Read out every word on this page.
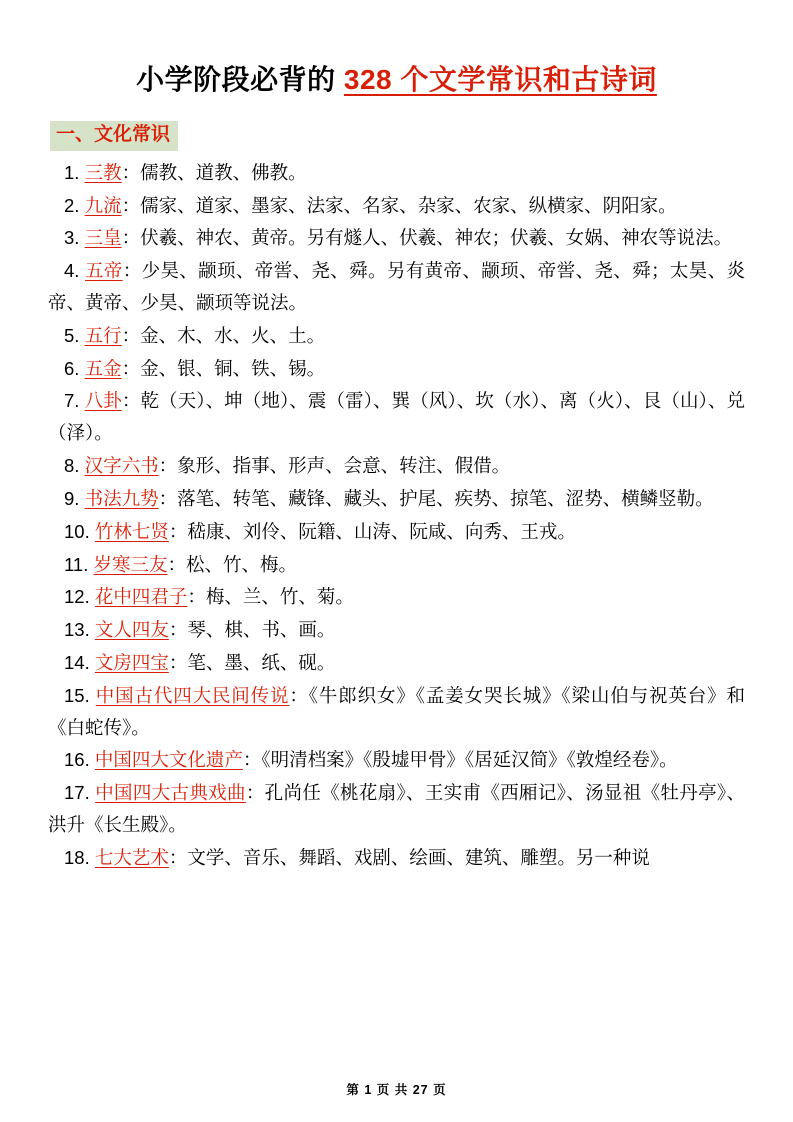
小学阶段必背的 328 个文学常识和古诗词
一、文化常识
1. 三教：儒教、道教、佛教。
2. 九流：儒家、道家、墨家、法家、名家、杂家、农家、纵横家、阴阳家。
3. 三皇：伏羲、神农、黄帝。另有燧人、伏羲、神农；伏羲、女娲、神农等说法。
4. 五帝：少昊、颛顼、帝喾、尧、舜。另有黄帝、颛顼、帝喾、尧、舜；太昊、炎帝、黄帝、少昊、颛顼等说法。
5. 五行：金、木、水、火、土。
6. 五金：金、银、铜、铁、锡。
7. 八卦：乾（天）、坤（地）、震（雷）、巽（风）、坎（水）、离（火）、艮（山）、兑（泽）。
8. 汉字六书：象形、指事、形声、会意、转注、假借。
9. 书法九势：落笔、转笔、藏锋、藏头、护尾、疾势、掠笔、涩势、横鳞竖勒。
10. 竹林七贤：嵇康、刘伶、阮籍、山涛、阮咸、向秀、王戎。
11. 岁寒三友：松、竹、梅。
12. 花中四君子：梅、兰、竹、菊。
13. 文人四友：琴、棋、书、画。
14. 文房四宝：笔、墨、纸、砚。
15. 中国古代四大民间传说：《牛郎织女》《孟姜女哭长城》《梁山伯与祝英台》和《白蛇传》。
16. 中国四大文化遗产：《明清档案》《殷墟甲骨》《居延汉简》《敦煌经卷》。
17. 中国四大古典戏曲：孔尚任《桃花扇》、王实甫《西厢记》、汤显祖《牡丹亭》、洪升《长生殿》。
18. 七大艺术：文学、音乐、舞蹈、戏剧、绘画、建筑、雕塑。另一种说
第 1 页 共 27 页
